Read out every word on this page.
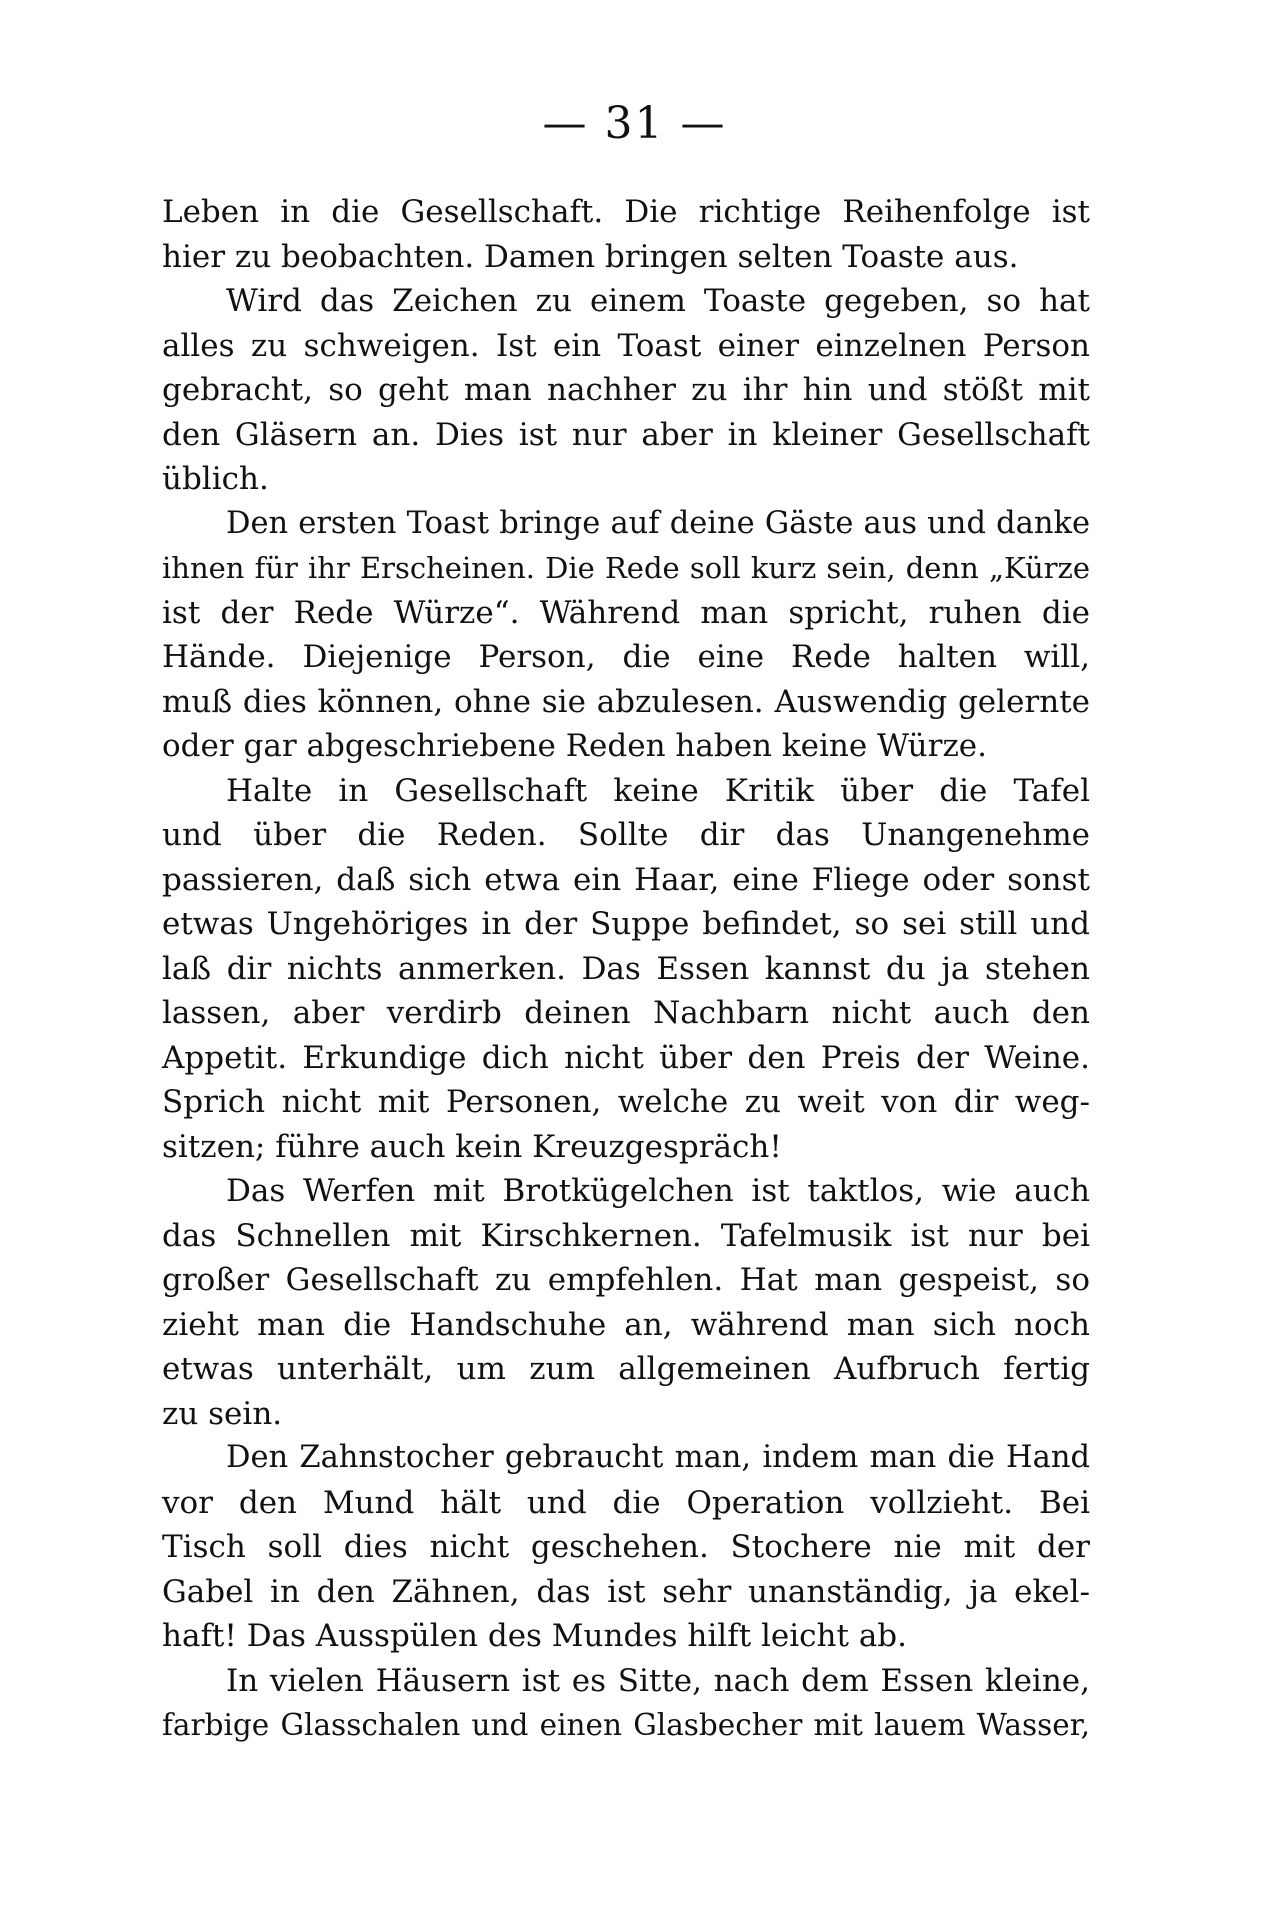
— 31 —
Leben in die Gesellschaft. Die richtige Reihenfolge ist
hier zu beobachten. Damen bringen selten Toaste aus.
Wird das Zeichen zu einem Toaste gegeben, so hat
alles zu schweigen. Ist ein Toast einer einzelnen Person
gebracht, so geht man nachher zu ihr hin und stößt mit
den Gläsern an. Dies ist nur aber in kleiner Gesellschaft
üblich.
Den ersten Toast bringe auf deine Gäste aus und danke
ihnen für ihr Erscheinen. Die Rede soll kurz sein, denn „Kürze
ist der Rede Würze“. Während man spricht, ruhen die
Hände. Diejenige Person, die eine Rede halten will,
muß dies können, ohne sie abzulesen. Auswendig gelernte
oder gar abgeschriebene Reden haben keine Würze.
Halte in Gesellschaft keine Kritik über die Tafel
und über die Reden. Sollte dir das Unangenehme
passieren, daß sich etwa ein Haar, eine Fliege oder sonst
etwas Ungehöriges in der Suppe befindet, so sei still und
laß dir nichts anmerken. Das Essen kannst du ja stehen
lassen, aber verdirb deinen Nachbarn nicht auch den
Appetit. Erkundige dich nicht über den Preis der Weine.
Sprich nicht mit Personen, welche zu weit von dir weg-
sitzen; führe auch kein Kreuzgespräch!
Das Werfen mit Brotkügelchen ist taktlos, wie auch
das Schnellen mit Kirschkernen. Tafelmusik ist nur bei
großer Gesellschaft zu empfehlen. Hat man gespeist, so
zieht man die Handschuhe an, während man sich noch
etwas unterhält, um zum allgemeinen Aufbruch fertig
zu sein.
Den Zahnstocher gebraucht man, indem man die Hand
vor den Mund hält und die Operation vollzieht. Bei
Tisch soll dies nicht geschehen. Stochere nie mit der
Gabel in den Zähnen, das ist sehr unanständig, ja ekel-
haft! Das Ausspülen des Mundes hilft leicht ab.
In vielen Häusern ist es Sitte, nach dem Essen kleine,
farbige Glasschalen und einen Glasbecher mit lauem Wasser,
